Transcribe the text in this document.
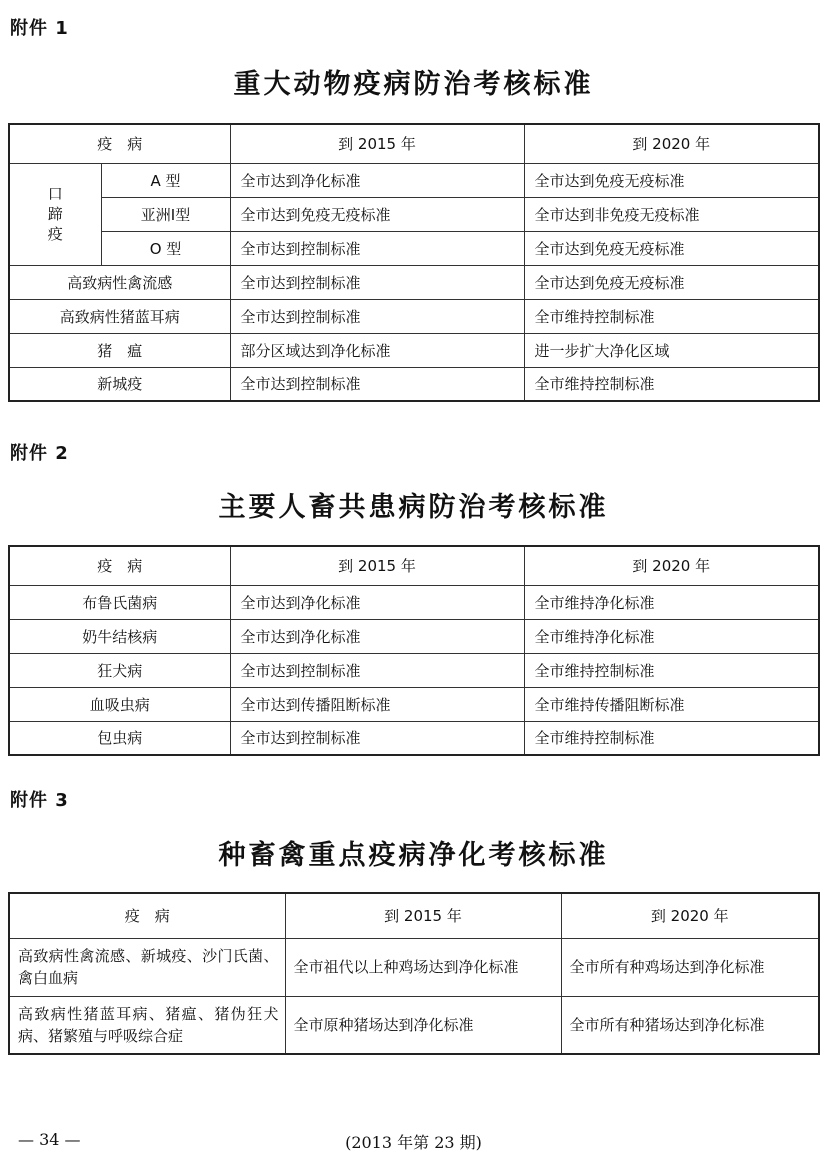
附件 1
重大动物疫病防治考核标准
疫　病		到 2015 年	到 2020 年
口
蹄
疫	A 型	全市达到净化标准	全市达到免疫无疫标准
	亚洲Ⅰ型	全市达到免疫无疫标准	全市达到非免疫无疫标准
	O 型	全市达到控制标准	全市达到免疫无疫标准
高致病性禽流感		全市达到控制标准	全市达到免疫无疫标准
高致病性猪蓝耳病		全市达到控制标准	全市维持控制标准
猪　瘟		部分区域达到净化标准	进一步扩大净化区域
新城疫		全市达到控制标准	全市维持控制标准
附件 2
主要人畜共患病防治考核标准
疫　病	到 2015 年	到 2020 年
布鲁氏菌病	全市达到净化标准	全市维持净化标准
奶牛结核病	全市达到净化标准	全市维持净化标准
狂犬病	全市达到控制标准	全市维持控制标准
血吸虫病	全市达到传播阻断标准	全市维持传播阻断标准
包虫病	全市达到控制标准	全市维持控制标准
附件 3
种畜禽重点疫病净化考核标准
疫　病	到 2015 年	到 2020 年
高致病性禽流感、新城疫、沙门氏菌、禽白血病	全市祖代以上种鸡场达到净化标准	全市所有种鸡场达到净化标准
高致病性猪蓝耳病、猪瘟、猪伪狂犬病、猪繁殖与呼吸综合症	全市原种猪场达到净化标准	全市所有种猪场达到净化标准
— 34 —	(2013 年第 23 期)
